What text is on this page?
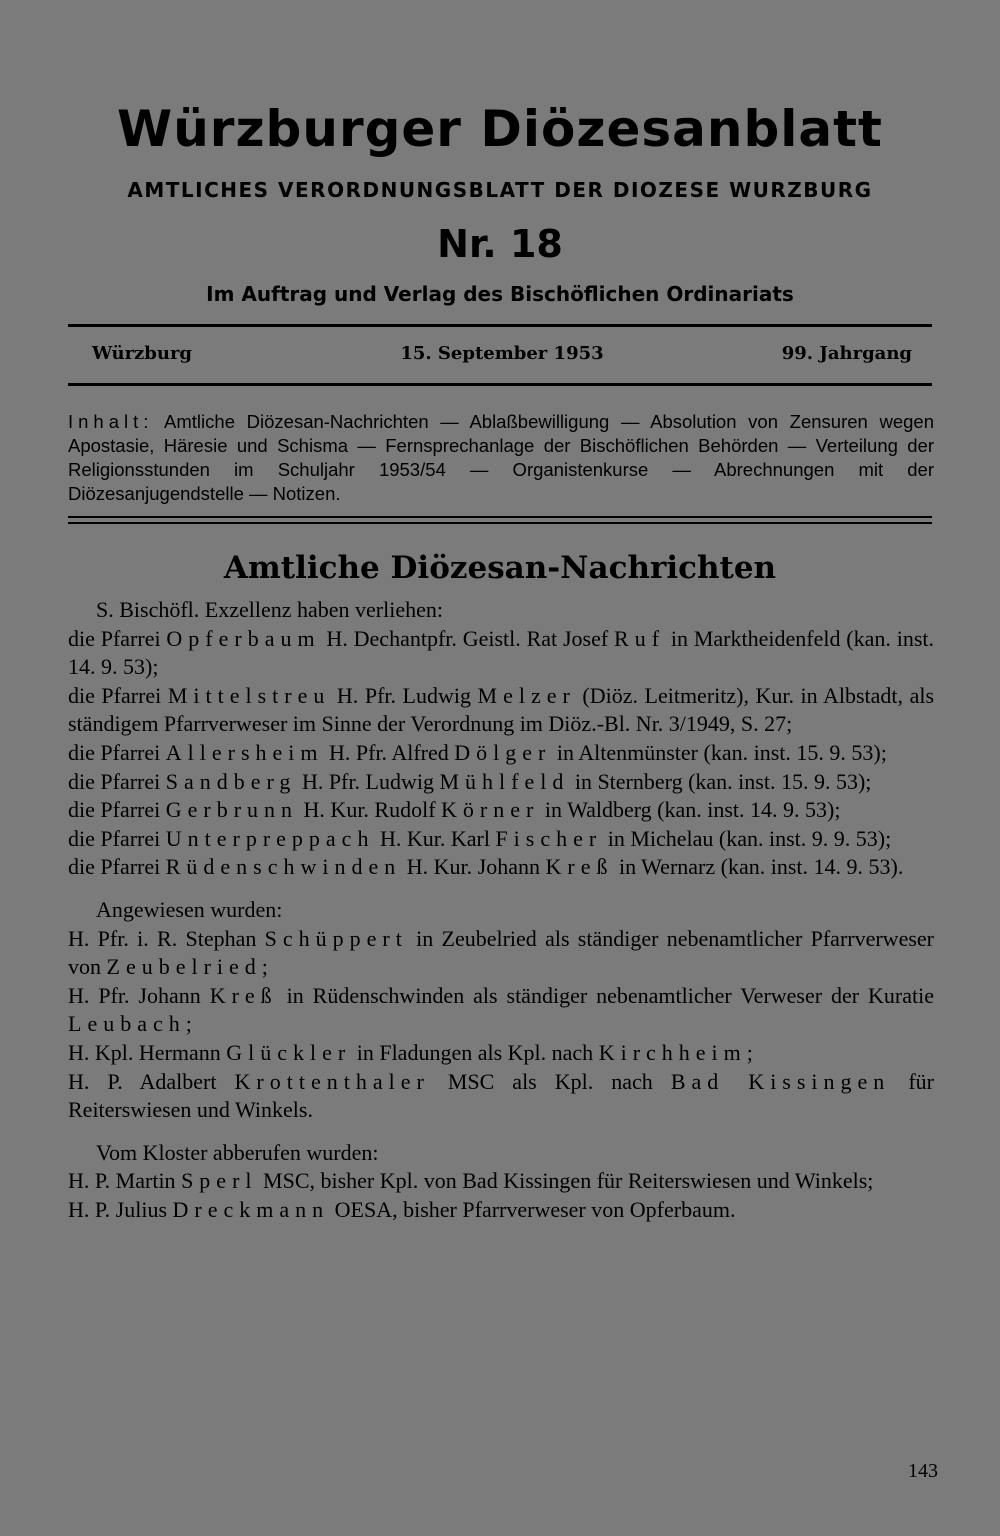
Würzburger Diözesanblatt
AMTLICHES VERORDNUNGSBLATT DER DIOZESE WURZBURG
Nr. 18
Im Auftrag und Verlag des Bischöflichen Ordinariats
Würzburg	15. September 1953	99. Jahrgang
Inhalt: Amtliche Diözesan-Nachrichten — Ablaßbewilligung — Absolution von Zensuren wegen Apostasie, Häresie und Schisma — Fernsprechanlage der Bischöflichen Behörden — Verteilung der Religionsstunden im Schuljahr 1953/54 — Organistenkurse — Abrechnungen mit der Diözesanjugendstelle — Notizen.
Amtliche Diözesan-Nachrichten

S. Bischöfl. Exzellenz haben verliehen:

die Pfarrei Opferbaum H. Dechantpfr. Geistl. Rat Josef Ruf in Marktheidenfeld (kan. inst. 14. 9. 53);

die Pfarrei Mittelstreu H. Pfr. Ludwig Melzer (Diöz. Leitmeritz), Kur. in Albstadt, als ständigem Pfarrverweser im Sinne der Verordnung im Diöz.-Bl. Nr. 3/1949, S. 27;

die Pfarrei Allersheim H. Pfr. Alfred Dölger in Altenmünster (kan. inst. 15. 9. 53);

die Pfarrei Sandberg H. Pfr. Ludwig Mühlfeld in Sternberg (kan. inst. 15. 9. 53);

die Pfarrei Gerbrunn H. Kur. Rudolf Körner in Waldberg (kan. inst. 14. 9. 53);

die Pfarrei Unterpreppach H. Kur. Karl Fischer in Michelau (kan. inst. 9. 9. 53);

die Pfarrei Rüdenschwinden H. Kur. Johann Kreß in Wernarz (kan. inst. 14. 9. 53).

Angewiesen wurden:

H. Pfr. i. R. Stephan Schüppert in Zeubelried als ständiger nebenamtlicher Pfarrverweser von Zeubelried;

H. Pfr. Johann Kreß in Rüdenschwinden als ständiger nebenamtlicher Verweser der Kuratie Leubach;

H. Kpl. Hermann Glückler in Fladungen als Kpl. nach Kirchheim;

H. P. Adalbert Krottenthaler MSC als Kpl. nach Bad Kissingen für Reiterswiesen und Winkels.

Vom Kloster abberufen wurden:

H. P. Martin Sperl MSC, bisher Kpl. von Bad Kissingen für Reiterswiesen und Winkels;

H. P. Julius Dreckmann OESA, bisher Pfarrverweser von Opferbaum.

143
